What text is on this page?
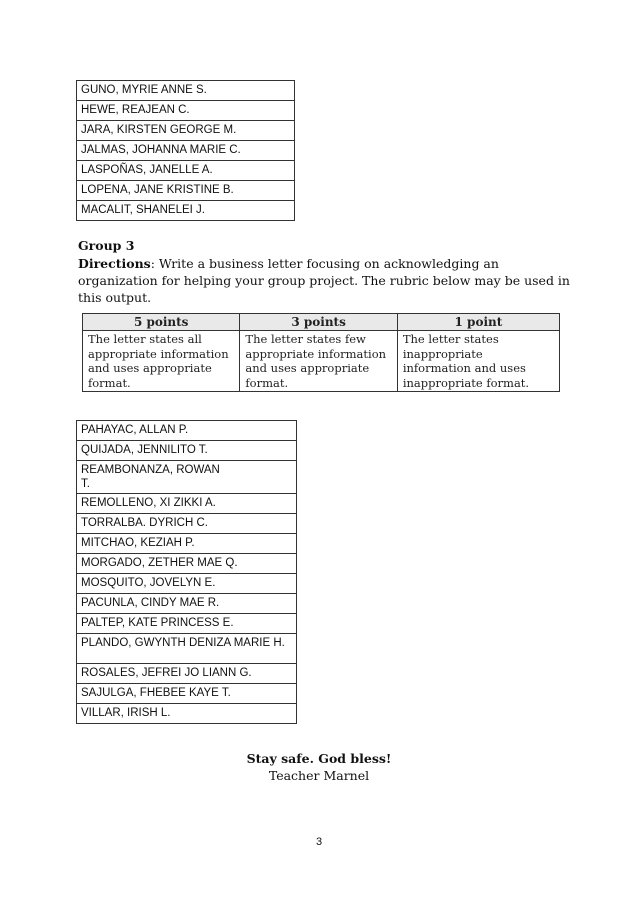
GUNO, MYRIE ANNE S.
HEWE, REAJEAN C.
JARA, KIRSTEN GEORGE M.
JALMAS, JOHANNA MARIE C.
LASPOÑAS, JANELLE A.
LOPENA, JANE KRISTINE B.
MACALIT, SHANELEI J.
Group 3
Directions: Write a business letter focusing on acknowledging an organization for helping your group project. The rubric below may be used in this output.
5 points	3 points	1 point
The letter states all appropriate information and uses appropriate format.	The letter states few appropriate information and uses appropriate format.	The letter states inappropriate information and uses inappropriate format.
PAHAYAC, ALLAN P.
QUIJADA, JENNILITO T.
REAMBONANZA, ROWAN T.
REMOLLENO, XI ZIKKI A.
TORRALBA. DYRICH C.
MITCHAO, KEZIAH P.
MORGADO, ZETHER MAE Q.
MOSQUITO, JOVELYN E.
PACUNLA, CINDY MAE R.
PALTEP, KATE PRINCESS E.
PLANDO, GWYNTH DENIZA MARIE H.
ROSALES, JEFREI JO LIANN G.
SAJULGA, FHEBEE KAYE T.
VILLAR, IRISH L.
Stay safe. God bless!
Teacher Marnel
3
